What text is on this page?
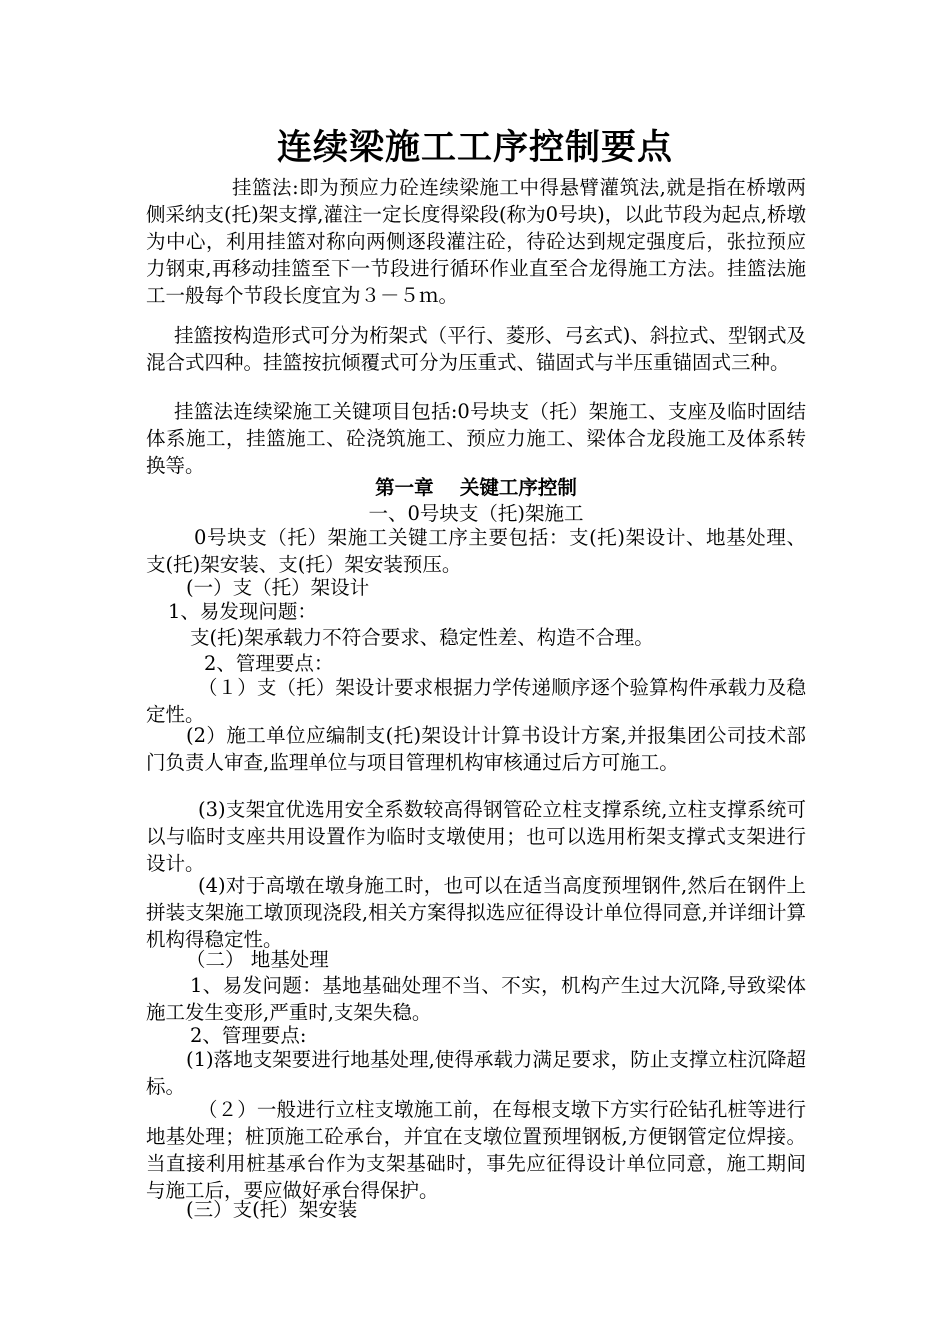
连续梁施工工序控制要点

挂篮法:即为预应力砼连续梁施工中得悬臂灌筑法,就是指在桥墩两侧采纳支(托)架支撑,灌注一定长度得梁段(称为0号块)，以此节段为起点,桥墩为中心，利用挂篮对称向两侧逐段灌注砼，待砼达到规定强度后，张拉预应力钢束,再移动挂篮至下一节段进行循环作业直至合龙得施工方法。挂篮法施工一般每个节段长度宜为３－５ｍ。

挂篮按构造形式可分为桁架式（平行、菱形、弓玄式)、斜拉式、型钢式及混合式四种。挂篮按抗倾覆式可分为压重式、锚固式与半压重锚固式三种。

挂篮法连续梁施工关键项目包括:0号块支（托）架施工、支座及临时固结体系施工，挂篮施工、砼浇筑施工、预应力施工、梁体合龙段施工及体系转换等。

第一章　 关键工序控制
一、0号块支（托)架施工

0号块支（托）架施工关键工序主要包括：支(托)架设计、地基处理、支(托)架安装、支(托）架安装预压。

(一）支（托）架设计

1、易发现问题：

支(托)架承载力不符合要求、稳定性差、构造不合理。

2、管理要点：

（１）支（托）架设计要求根据力学传递顺序逐个验算构件承载力及稳定性。

(2）施工单位应编制支(托)架设计计算书设计方案,并报集团公司技术部门负责人审查,监理单位与项目管理机构审核通过后方可施工。

(3)支架宜优选用安全系数较高得钢管砼立柱支撑系统,立柱支撑系统可以与临时支座共用设置作为临时支墩使用；也可以选用桁架支撑式支架进行设计。

(4)对于高墩在墩身施工时，也可以在适当高度预埋钢件,然后在钢件上拼装支架施工墩顶现浇段,相关方案得拟选应征得设计单位得同意,并详细计算机构得稳定性。

（二） 地基处理

1、易发问题：基地基础处理不当、不实，机构产生过大沉降,导致梁体施工发生变形,严重时,支架失稳。

2、管理要点:

(1)落地支架要进行地基处理,使得承载力满足要求，防止支撑立柱沉降超标。

（２）一般进行立柱支墩施工前，在每根支墩下方实行砼钻孔桩等进行地基处理；桩顶施工砼承台，并宜在支墩位置预埋钢板,方便钢管定位焊接。当直接利用桩基承台作为支架基础时，事先应征得设计单位同意，施工期间与施工后，要应做好承台得保护。

(三）支(托）架安装
